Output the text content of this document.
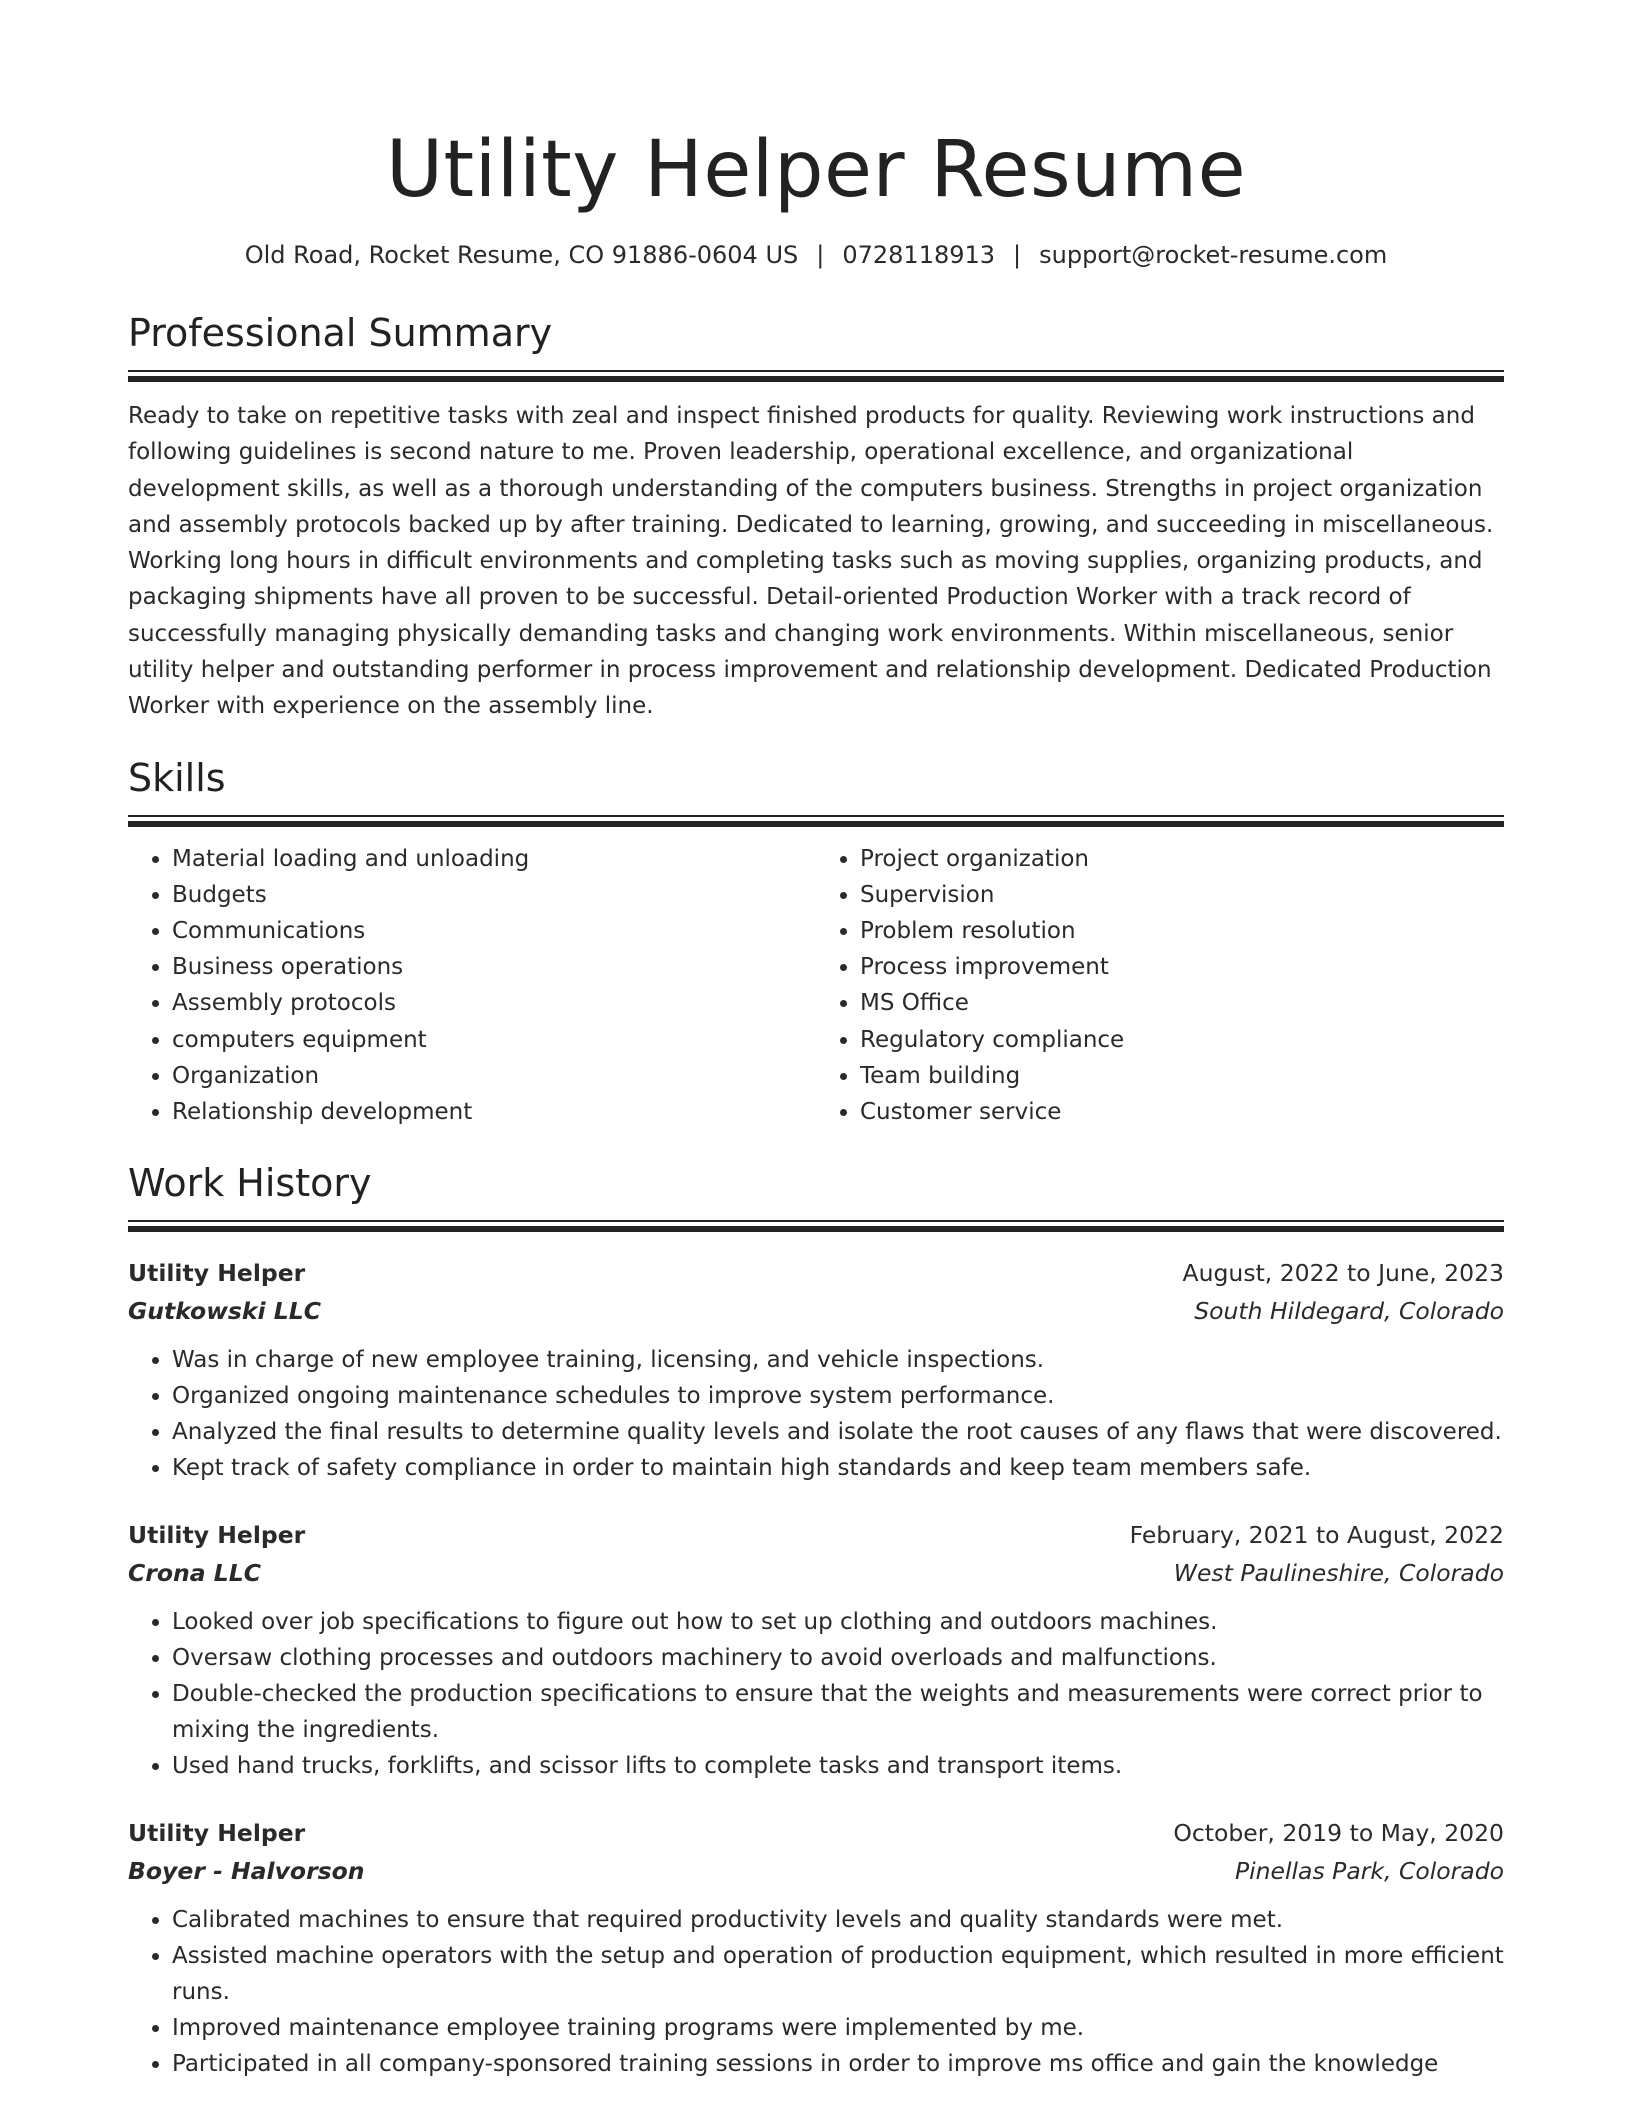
Utility Helper Resume
Old Road, Rocket Resume, CO 91886-0604 US | 0728118913 | support@rocket-resume.com
Professional Summary

Ready to take on repetitive tasks with zeal and inspect finished products for quality. Reviewing work instructions and following guidelines is second nature to me. Proven leadership, operational excellence, and organizational development skills, as well as a thorough understanding of the computers business. Strengths in project organization and assembly protocols backed up by after training. Dedicated to learning, growing, and succeeding in miscellaneous. Working long hours in difficult environments and completing tasks such as moving supplies, organizing products, and packaging shipments have all proven to be successful. Detail-oriented Production Worker with a track record of successfully managing physically demanding tasks and changing work environments. Within miscellaneous, senior utility helper and outstanding performer in process improvement and relationship development. Dedicated Production Worker with experience on the assembly line.

Skills
• Material loading and unloading
• Budgets
• Communications
• Business operations
• Assembly protocols
• computers equipment
• Organization
• Relationship development
• Project organization
• Supervision
• Problem resolution
• Process improvement
• MS Office
• Regulatory compliance
• Team building
• Customer service
Work History
Utility Helper	August, 2022 to June, 2023
Gutkowski LLC	South Hildegard, Colorado
• Was in charge of new employee training, licensing, and vehicle inspections.
• Organized ongoing maintenance schedules to improve system performance.
• Analyzed the final results to determine quality levels and isolate the root causes of any flaws that were discovered.
• Kept track of safety compliance in order to maintain high standards and keep team members safe.
Utility Helper	February, 2021 to August, 2022
Crona LLC	West Paulineshire, Colorado
• Looked over job specifications to figure out how to set up clothing and outdoors machines.
• Oversaw clothing processes and outdoors machinery to avoid overloads and malfunctions.
• Double-checked the production specifications to ensure that the weights and measurements were correct prior to mixing the ingredients.
• Used hand trucks, forklifts, and scissor lifts to complete tasks and transport items.
Utility Helper	October, 2019 to May, 2020
Boyer - Halvorson	Pinellas Park, Colorado
• Calibrated machines to ensure that required productivity levels and quality standards were met.
• Assisted machine operators with the setup and operation of production equipment, which resulted in more efficient runs.
• Improved maintenance employee training programs were implemented by me.
• Participated in all company-sponsored training sessions in order to improve ms office and gain the knowledge
